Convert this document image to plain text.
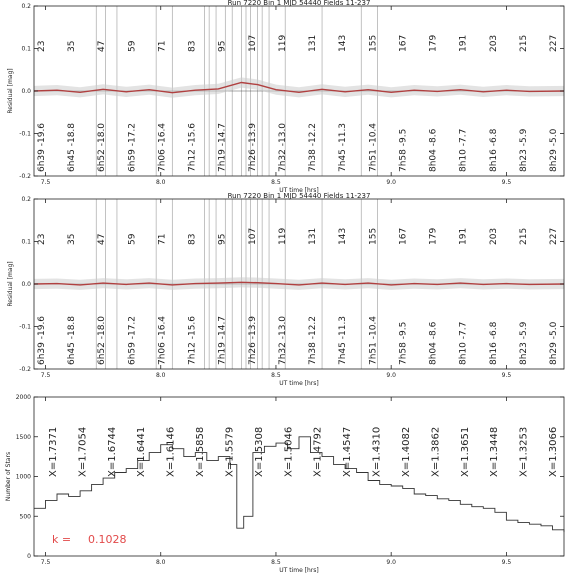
23
6h39 -19.6
35
6h45 -18.8
47
6h52 -18.0
59
6h59 -17.2
71
7h06 -16.4
83
7h12 -15.6
95
7h19 -14.7
107
7h26 -13.9
119
7h32 -13.0
131
7h38 -12.2
143
7h45 -11.3
155
7h51 -10.4
167
7h58 -9.5
179
8h04 -8.6
191
8h10 -7.7
203
8h16 -6.8
215
8h23 -5.9
227
8h29 -5.0
7.5	8.0	8.5	9.0	9.5
-0.2
-0.1
0.0
0.1
0.2	Run 7220 Bin 1 MJD 54440 Fields 11-237
Residual [mag]
UT time [hrs]
23
6h39 -19.6
35
6h45 -18.8
47
6h52 -18.0
59
6h59 -17.2
71
7h06 -16.4
83
7h12 -15.6
95
7h19 -14.7
107
7h26 -13.9
119
7h32 -13.0
131
7h38 -12.2
143
7h45 -11.3
155
7h51 -10.4
167
7h58 -9.5
179
8h04 -8.6
191
8h10 -7.7
203
8h16 -6.8
215
8h23 -5.9
227
8h29 -5.0
7.5	8.0	8.5	9.0	9.5
-0.2
-0.1
0.0
0.1
0.2	Run 7220 Bin 1 MJD 54440 Fields 11-237
Residual [mag]
UT time [hrs]
X=1.7371 X=1.7054 X=1.6744 X=1.6441 X=1.6146 X=1.5858 X=1.5579 X=1.5308 X=1.5046 X=1.4792 X=1.4547 X=1.4310 X=1.4082 X=1.3862 X=1.3651 X=1.3448 X=1.3253 X=1.3066
7.5	8.0	8.5	9.0	9.5
0
500
1000
1500
2000
Number of Stars
UT time [hrs]
k = 0.1028
